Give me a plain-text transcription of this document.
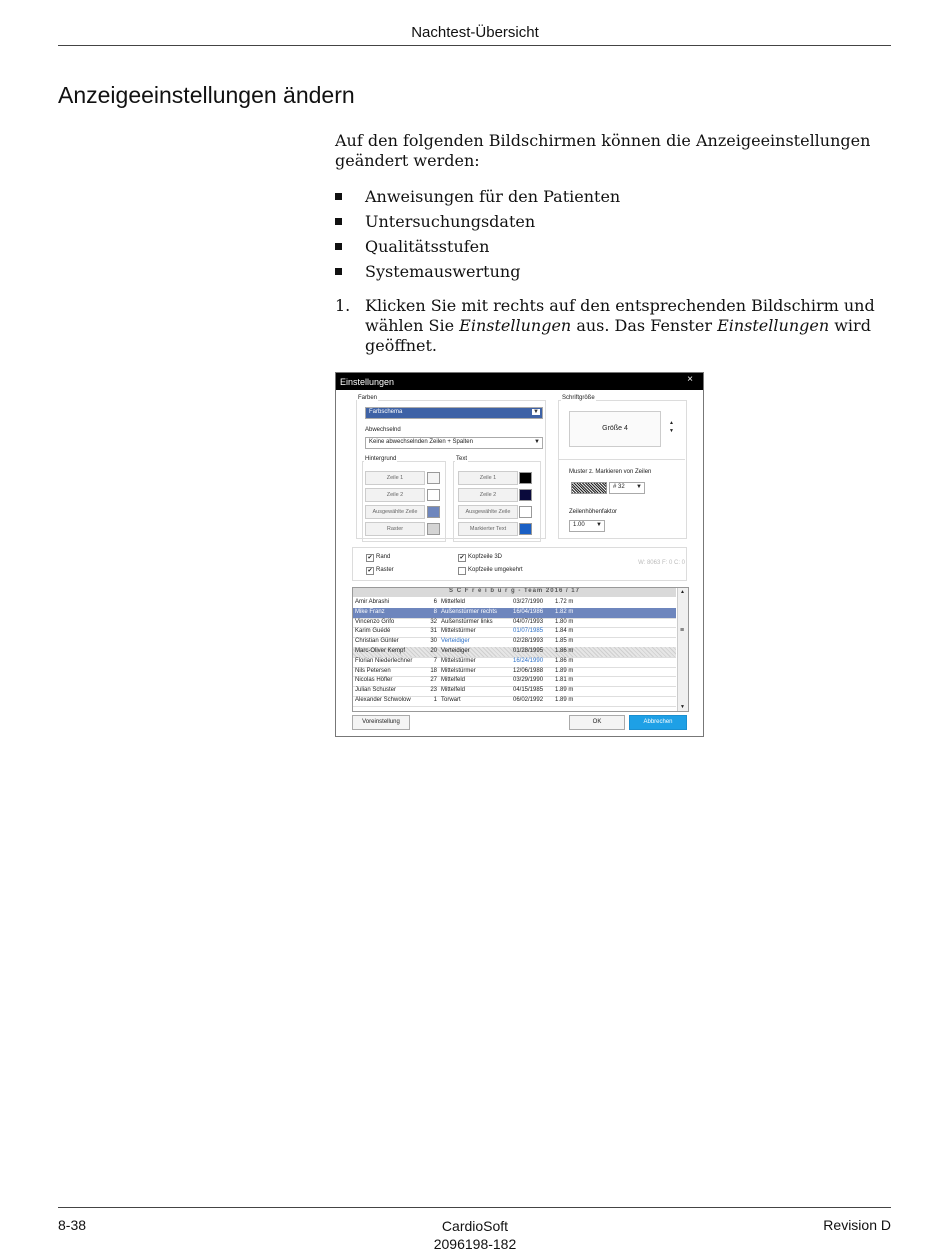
Nachtest-Übersicht
Anzeigeeinstellungen ändern

Auf den folgenden Bildschirmen können die Anzeigeeinstellungen geändert werden:

Anweisungen für den Patienten
Untersuchungsdaten
Qualitätsstufen
Systemauswertung
1. Klicken Sie mit rechts auf den entsprechenden Bildschirm und wählen Sie Einstellungen aus. Das Fenster Einstellungen wird geöffnet.
Einstellungen	×
Farben
Farbschema	▼
Abwechselnd
Keine abwechselnden Zeilen + Spalten	▼
Hintergrund	Text
Zeile 1
Zeile 2
Ausgewählte Zeile
Raster
Zeile 1
Zeile 2
Ausgewählte Zeile
Markierter Text
Schriftgröße
Größe 4
▲
▼
Muster z. Markieren von Zeilen
# 32 ▼
Zeilenhöhenfaktor
1.00 ▼
✔ Rand
✔ Raster
✔ Kopfzeile 3D
Kopfzeile umgekehrt
W: 8063 F: 0 C: 0
S C F r e i b u r g - Team 2016 / 17
Amir Abrashi	6 Mittelfeld	03/27/1990	1.72 m
Mike Franz	8 Außenstürmer rechts	16/04/1986	1.82 m
Vincenzo Grifo	32 Außenstürmer links	04/07/1993	1.80 m
Karim Guédé	31 Mittelstürmer	01/07/1985	1.84 m
Christian Günter	30 Verteidiger	02/28/1993	1.85 m
Marc-Oliver Kempf	20 Verteidiger	01/28/1995	1.86 m
Florian Niederlechner	7 Mittelstürmer	16/24/1990	1.86 m
Nils Petersen	18 Mittelstürmer	12/06/1988	1.89 m
Nicolas Höfler	27 Mittelfeld	03/29/1990	1.81 m
Julian Schuster	23 Mittelfeld	04/15/1985	1.89 m
Alexander Schwolow	1 Torwart	06/02/1992	1.89 m
▲
≡
▼
Voreinstellung	OK	Abbrechen
8-38	CardioSoft
2096198-182
Revision D
